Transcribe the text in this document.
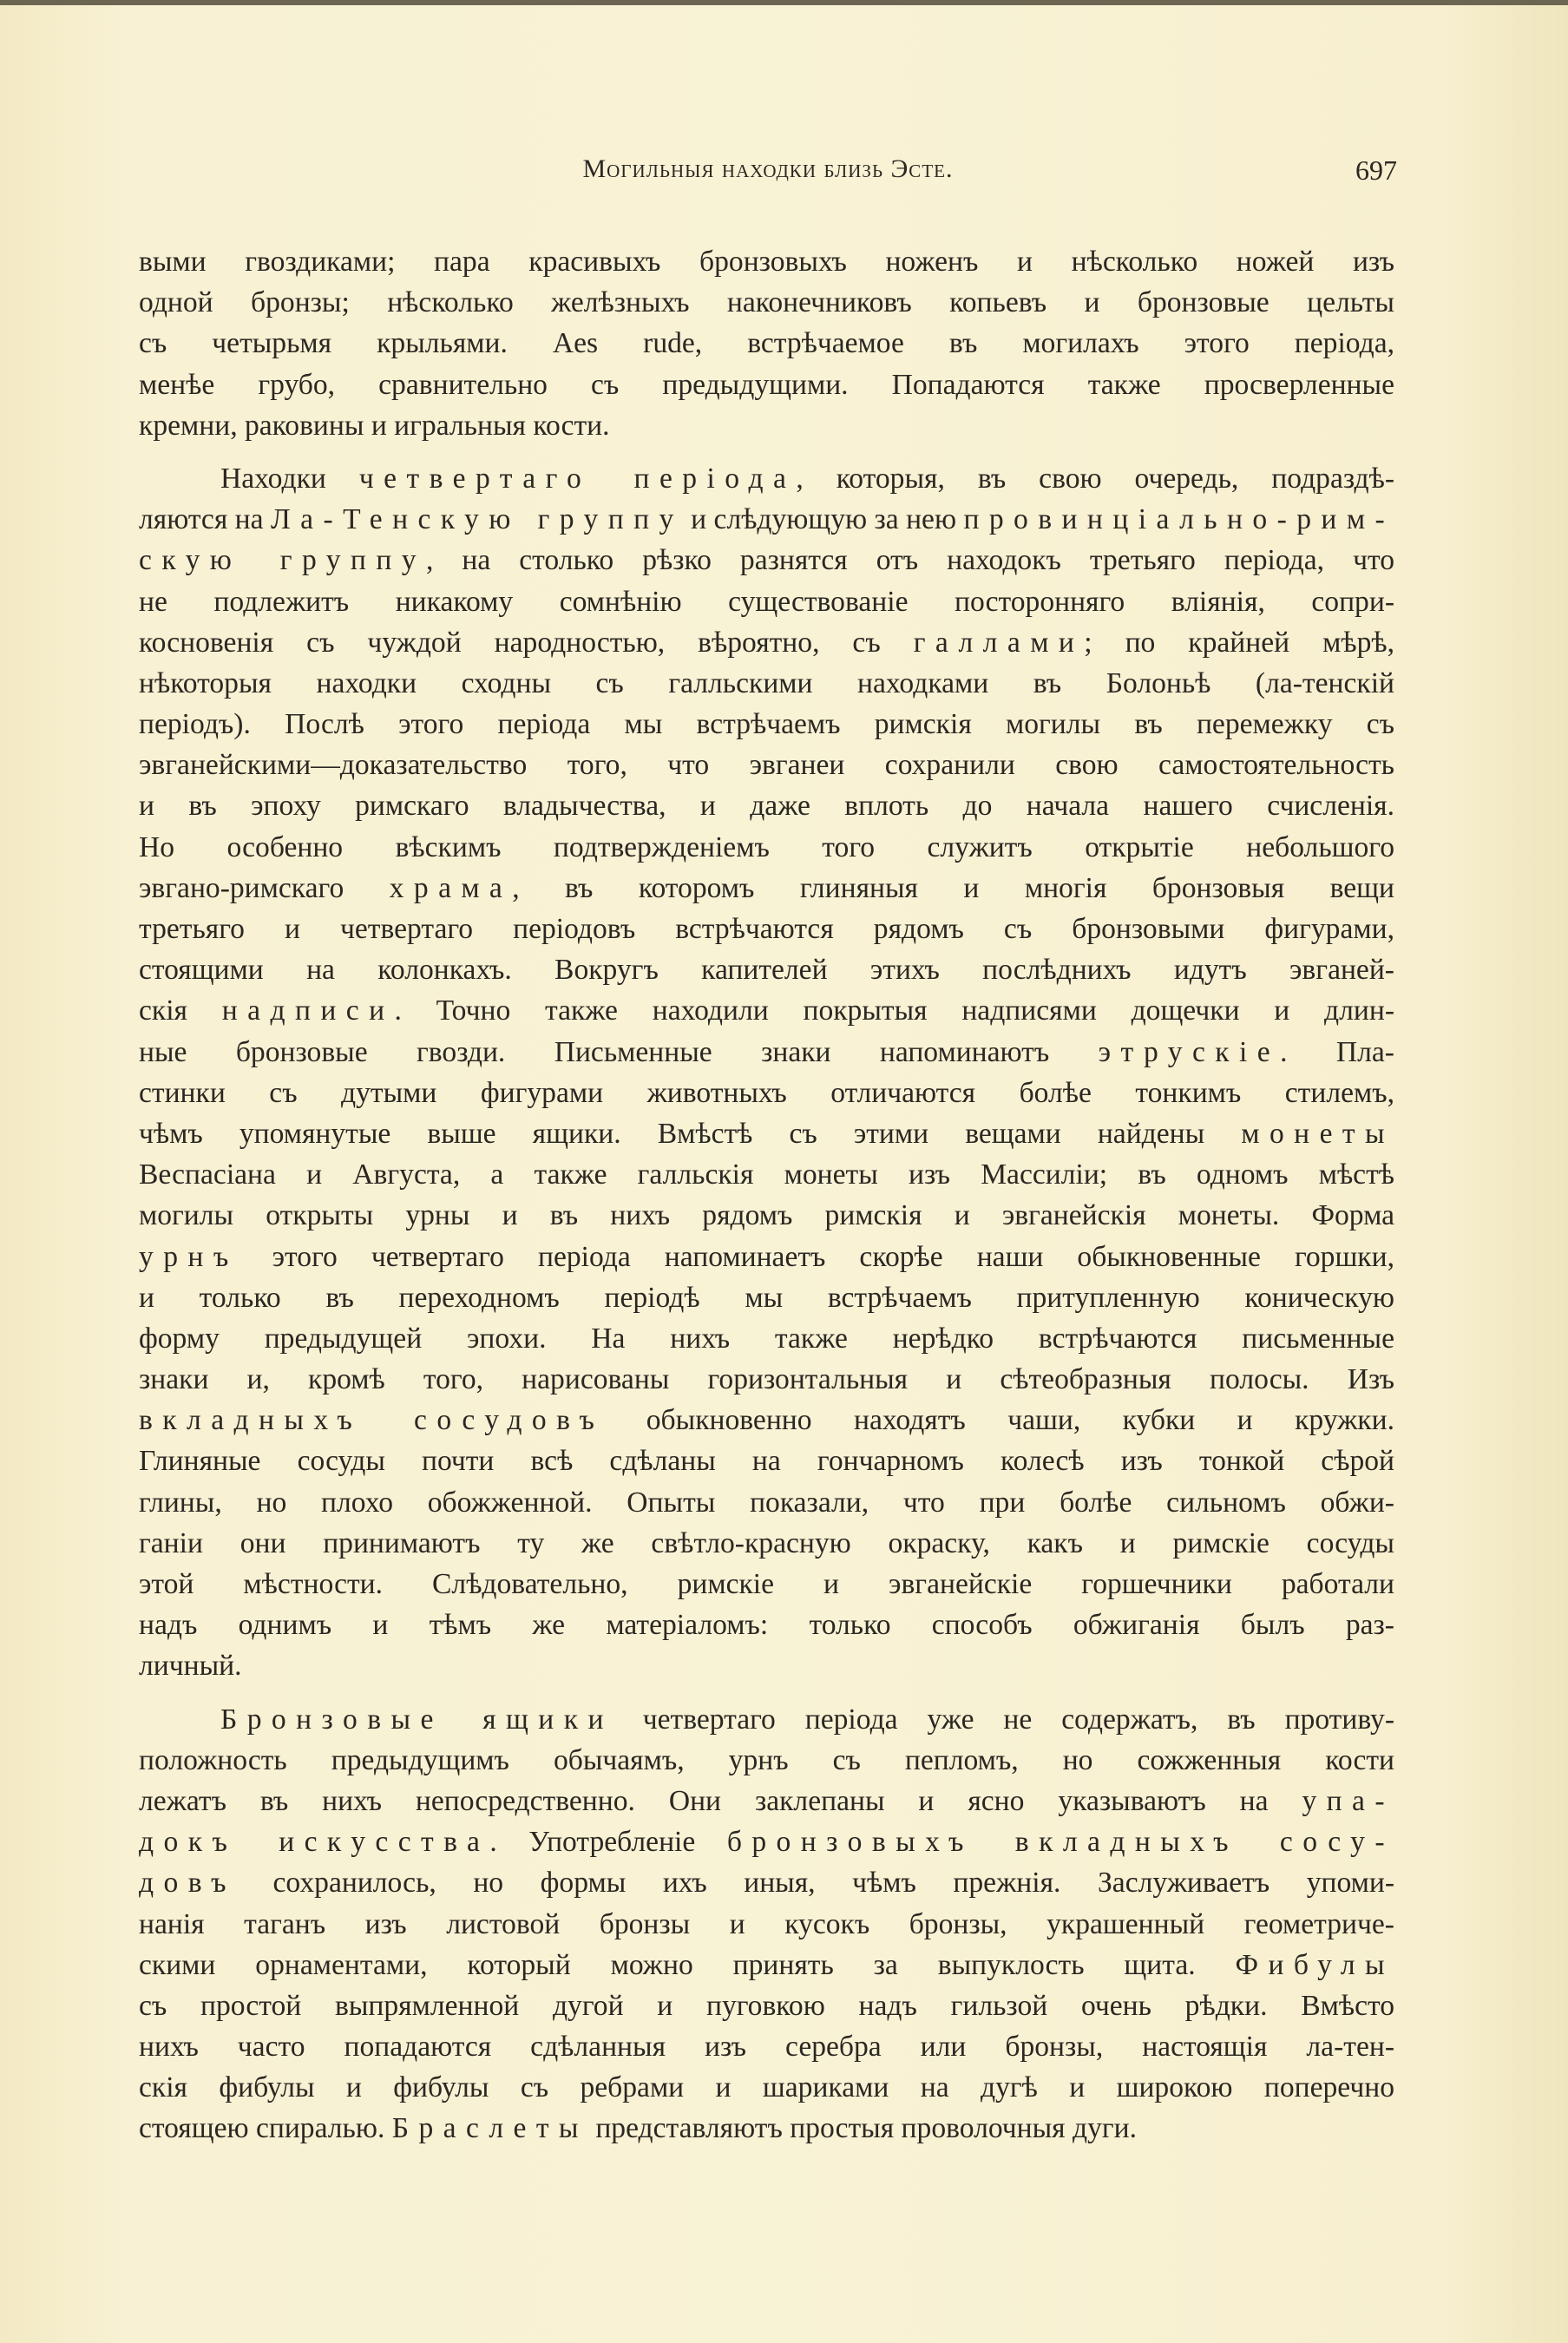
Могильныя находки близь Эсте.	697
выми гвоздиками; пара красивыхъ бронзовыхъ ноженъ и нѣсколько ножей изъ
одной бронзы; нѣсколько желѣзныхъ наконечниковъ копьевъ и бронзовые цельты
съ четырьмя крыльями. Aes rude, встрѣчаемое въ могилахъ этого періода,
менѣе грубо, сравнительно съ предыдущими. Попадаются также просверленные
кремни, раковины и игральныя кости.
Находки четвертаго періода, которыя, въ свою очередь, подраздѣ-
ляются на Ла-Тенскую группу и слѣдующую за нею провинціально-рим-
скую группу, на столько рѣзко разнятся отъ находокъ третьяго періода, что
не подлежитъ никакому сомнѣнію существованіе посторонняго вліянія, сопри-
косновенія съ чуждой народностью, вѣроятно, съ галлами; по крайней мѣрѣ,
нѣкоторыя находки сходны съ галльскими находками въ Болоньѣ (ла-тенскій
періодъ). Послѣ этого періода мы встрѣчаемъ римскія могилы въ перемежку съ
эвганейскими—доказательство того, что эвганеи сохранили свою самостоятельность
и въ эпоху римскаго владычества, и даже вплоть до начала нашего счисленія.
Но особенно вѣскимъ подтвержденіемъ того служитъ открытіе небольшого
эвгано-римскаго храма, въ которомъ глиняныя и многія бронзовыя вещи
третьяго и четвертаго періодовъ встрѣчаются рядомъ съ бронзовыми фигурами,
стоящими на колонкахъ. Вокругъ капителей этихъ послѣднихъ идутъ эвганей-
скія надписи. Точно также находили покрытыя надписями дощечки и длин-
ные бронзовые гвозди. Письменные знаки напоминаютъ этрускіе. Пла-
стинки съ дутыми фигурами животныхъ отличаются болѣе тонкимъ стилемъ,
чѣмъ упомянутые выше ящики. Вмѣстѣ съ этими вещами найдены монеты
Веспасіана и Августа, а также галльскія монеты изъ Массиліи; въ одномъ мѣстѣ
могилы открыты урны и въ нихъ рядомъ римскія и эвганейскія монеты. Форма
урнъ этого четвертаго періода напоминаетъ скорѣе наши обыкновенные горшки,
и только въ переходномъ періодѣ мы встрѣчаемъ притупленную коническую
форму предыдущей эпохи. На нихъ также нерѣдко встрѣчаются письменные
знаки и, кромѣ того, нарисованы горизонтальныя и сѣтеобразныя полосы. Изъ
вкладныхъ сосудовъ обыкновенно находятъ чаши, кубки и кружки.
Глиняные сосуды почти всѣ сдѣланы на гончарномъ колесѣ изъ тонкой сѣрой
глины, но плохо обожженной. Опыты показали, что при болѣе сильномъ обжи-
ганіи они принимаютъ ту же свѣтло-красную окраску, какъ и римскіе сосуды
этой мѣстности. Слѣдовательно, римскіе и эвганейскіе горшечники работали
надъ однимъ и тѣмъ же матеріаломъ: только способъ обжиганія былъ раз-
личный.
Бронзовые ящики четвертаго періода уже не содержатъ, въ противу-
положность предыдущимъ обычаямъ, урнъ съ пепломъ, но сожженныя кости
лежатъ въ нихъ непосредственно. Они заклепаны и ясно указываютъ на упа-
докъ искусства. Употребленіе бронзовыхъ вкладныхъ сосу-
довъ сохранилось, но формы ихъ иныя, чѣмъ прежнія. Заслуживаетъ упоми-
нанія таганъ изъ листовой бронзы и кусокъ бронзы, украшенный геометриче-
скими орнаментами, который можно принять за выпуклость щита. Фибулы
съ простой выпрямленной дугой и пуговкою надъ гильзой очень рѣдки. Вмѣсто
нихъ часто попадаются сдѣланныя изъ серебра или бронзы, настоящія ла-тен-
скія фибулы и фибулы съ ребрами и шариками на дугѣ и широкою поперечно
стоящею спиралью. Браслеты представляютъ простыя проволочныя дуги.
